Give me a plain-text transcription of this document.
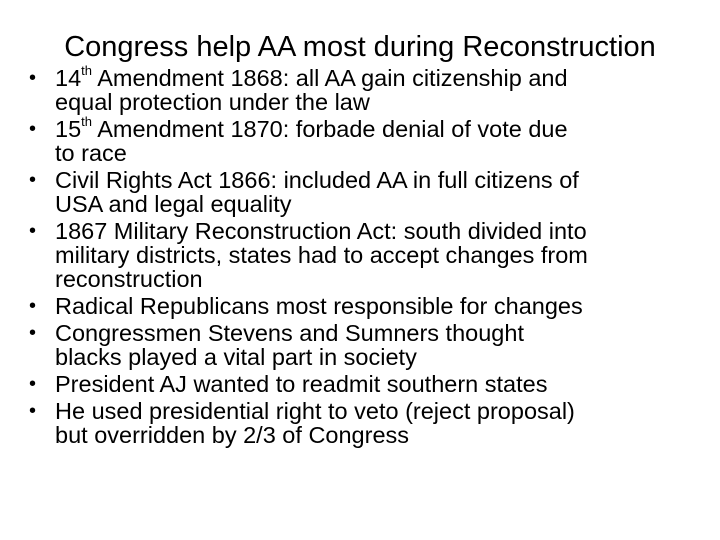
Congress help AA most during Reconstruction
• 14th Amendment 1868: all AA gain citizenship and
equal protection under the law
• 15th Amendment 1870: forbade denial of vote due
to race
• Civil Rights Act 1866: included AA in full citizens of
USA and legal equality
• 1867 Military Reconstruction Act: south divided into
military districts, states had to accept changes from
reconstruction
• Radical Republicans most responsible for changes
• Congressmen Stevens and Sumners thought
blacks played a vital part in society
• President AJ wanted to readmit southern states
• He used presidential right to veto (reject proposal)
but overridden by 2/3 of Congress
